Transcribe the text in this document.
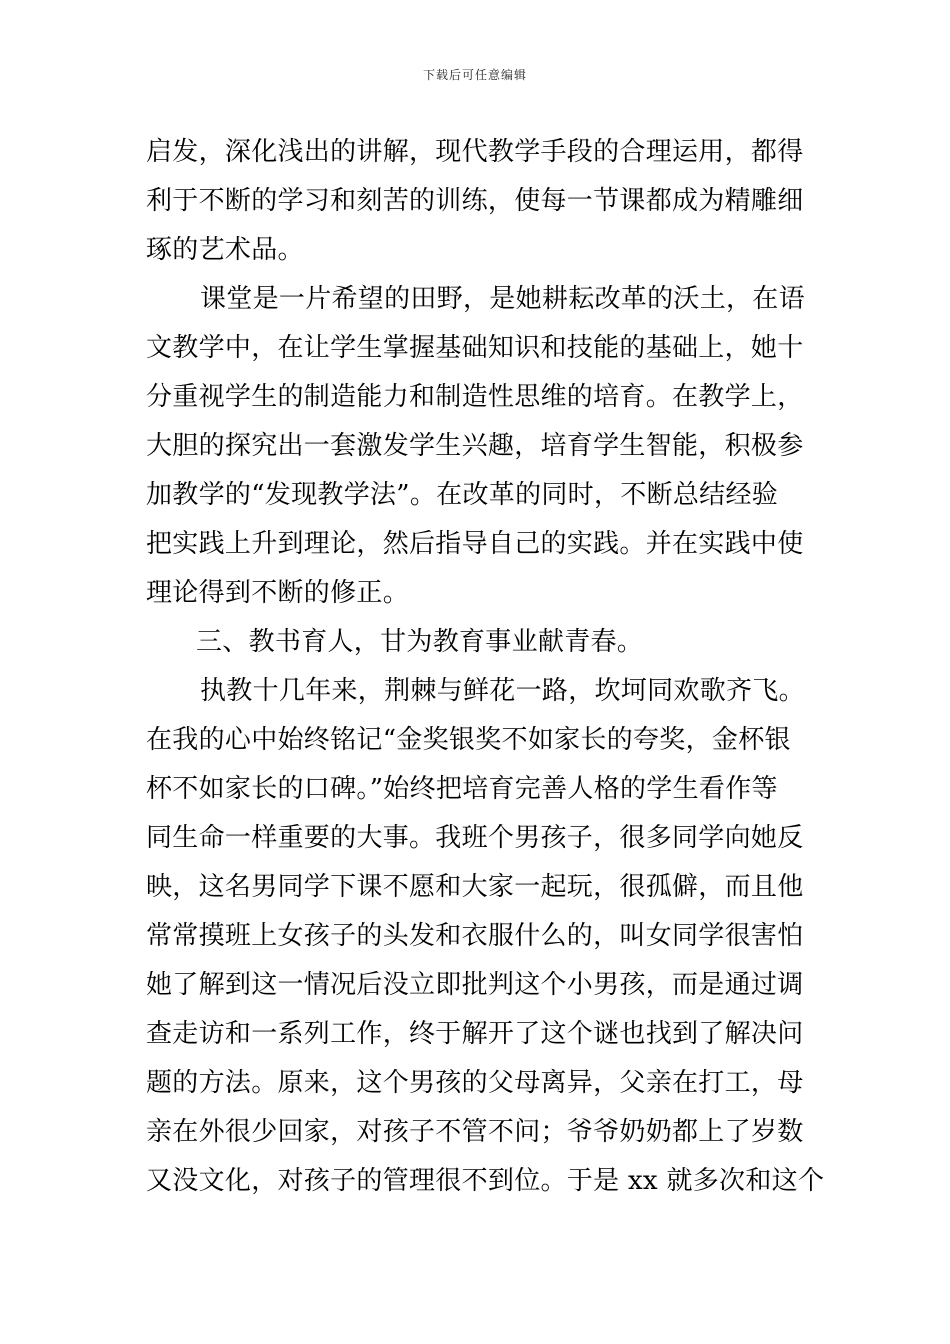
下载后可任意编辑
启发，深化浅出的讲解，现代教学手段的合理运用，都得
利于不断的学习和刻苦的训练，使每一节课都成为精雕细
琢的艺术品。
课堂是一片希望的田野，是她耕耘改革的沃土，在语
文教学中，在让学生掌握基础知识和技能的基础上，她十
分重视学生的制造能力和制造性思维的培育。在教学上，
大胆的探究出一套激发学生兴趣，培育学生智能，积极参
加教学的“发现教学法”。在改革的同时，不断总结经验
把实践上升到理论，然后指导自己的实践。并在实践中使
理论得到不断的修正。
三、教书育人，甘为教育事业献青春。
执教十几年来，荆棘与鲜花一路，坎坷同欢歌齐飞。
在我的心中始终铭记“金奖银奖不如家长的夸奖，金杯银
杯不如家长的口碑。”始终把培育完善人格的学生看作等
同生命一样重要的大事。我班个男孩子，很多同学向她反
映，这名男同学下课不愿和大家一起玩，很孤僻，而且他
常常摸班上女孩子的头发和衣服什么的，叫女同学很害怕
她了解到这一情况后没立即批判这个小男孩，而是通过调
查走访和一系列工作，终于解开了这个谜也找到了解决问
题的方法。原来，这个男孩的父母离异，父亲在打工，母
亲在外很少回家，对孩子不管不问；爷爷奶奶都上了岁数
又没文化，对孩子的管理很不到位。于是 xx 就多次和这个
